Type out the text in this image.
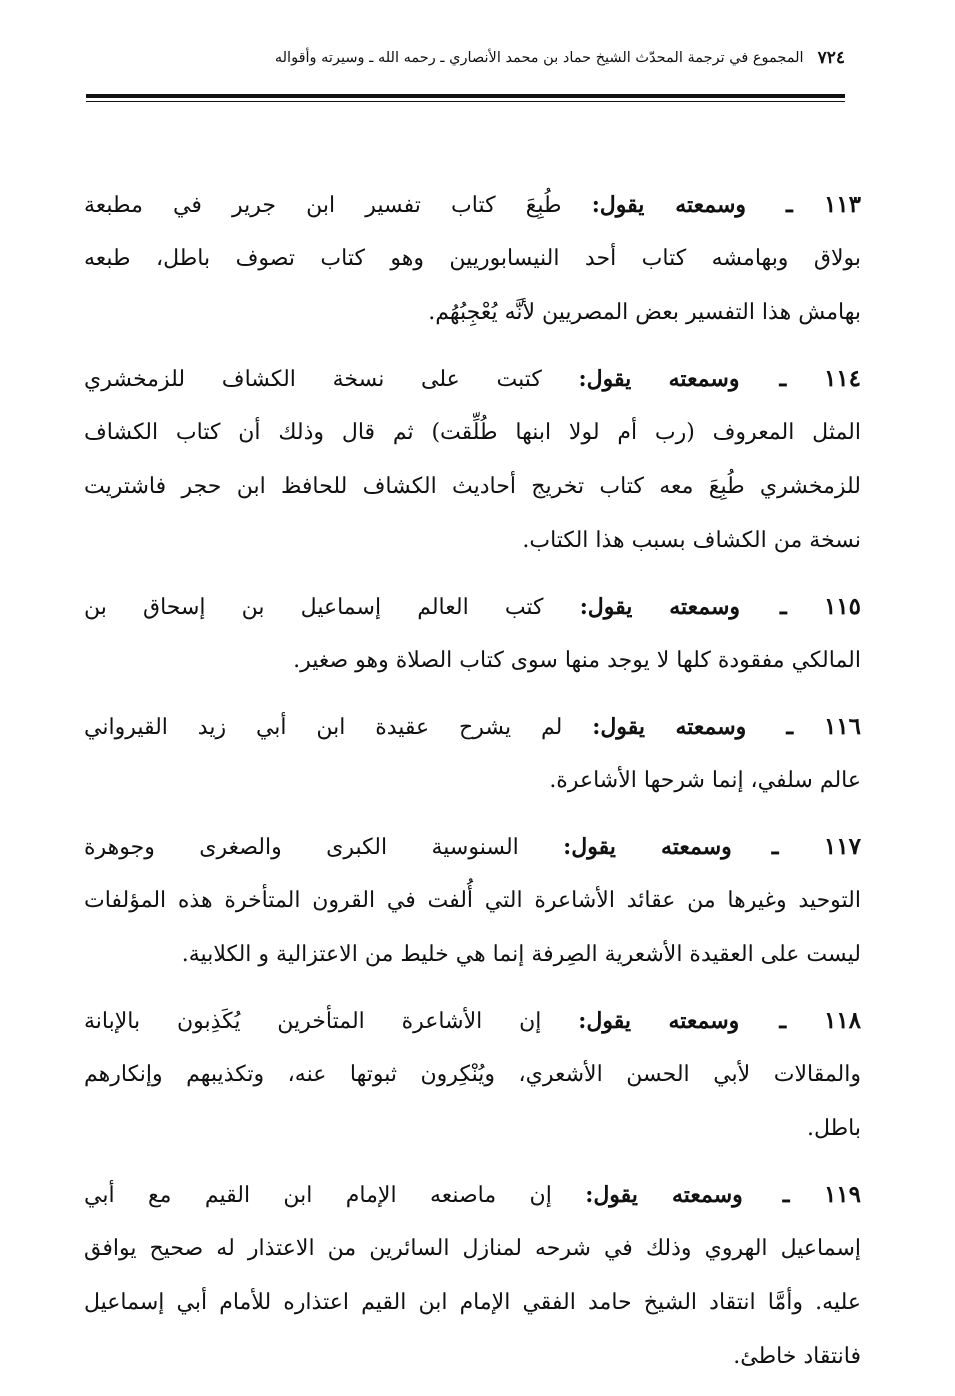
٧٢٤
المجموع في ترجمة المحدّث الشيخ حماد بن محمد الأنصاري ـ رحمه الله ـ وسيرته وأقواله
١١٣ ـوسمعته يقول: طُبِعَ كتاب تفسير ابن جرير في مطبعة
بولاق وبهامشه كتاب أحد النيسابوريين وهو كتاب تصوف باطل، طبعه
بهامش هذا التفسير بعض المصريين لأنَّه يُعْجِبُهُم.
١١٤ ـوسمعته يقول: كتبت على نسخة الكشاف للزمخشري
المثل المعروف (رب أم لولا ابنها طُلِّقت) ثم قال وذلك أن كتاب الكشاف
للزمخشري طُبِعَ معه كتاب تخريج أحاديث الكشاف للحافظ ابن حجر فاشتريت
نسخة من الكشاف بسبب هذا الكتاب.
١١٥ ـوسمعته يقول: كتب العالم إسماعيل بن إسحاق بن
المالكي مفقودة كلها لا يوجد منها سوى كتاب الصلاة وهو صغير.
١١٦ ـوسمعته يقول: لم يشرح عقيدة ابن أبي زيد القيرواني
عالم سلفي، إنما شرحها الأشاعرة.
١١٧ ـوسمعته يقول: السنوسية الكبرى والصغرى وجوهرة
التوحيد وغيرها من عقائد الأشاعرة التي أُلفت في القرون المتأخرة هذه المؤلفات
ليست على العقيدة الأشعرية الصِرفة إنما هي خليط من الاعتزالية و الكلابية.
١١٨ ـوسمعته يقول: إن الأشاعرة المتأخرين يُكَذِبون بالإبانة
والمقالات لأبي الحسن الأشعري، ويُنْكِرون ثبوتها عنه، وتكذيبهم وإنكارهم
باطل.
١١٩ ـوسمعته يقول: إن ماصنعه الإمام ابن القيم مع أبي
إسماعيل الهروي وذلك في شرحه لمنازل السائرين من الاعتذار له صحيح يوافق
عليه. وأمَّا انتقاد الشيخ حامد الفقي الإمام ابن القيم اعتذاره للأمام أبي إسماعيل
فانتقاد خاطئ.
